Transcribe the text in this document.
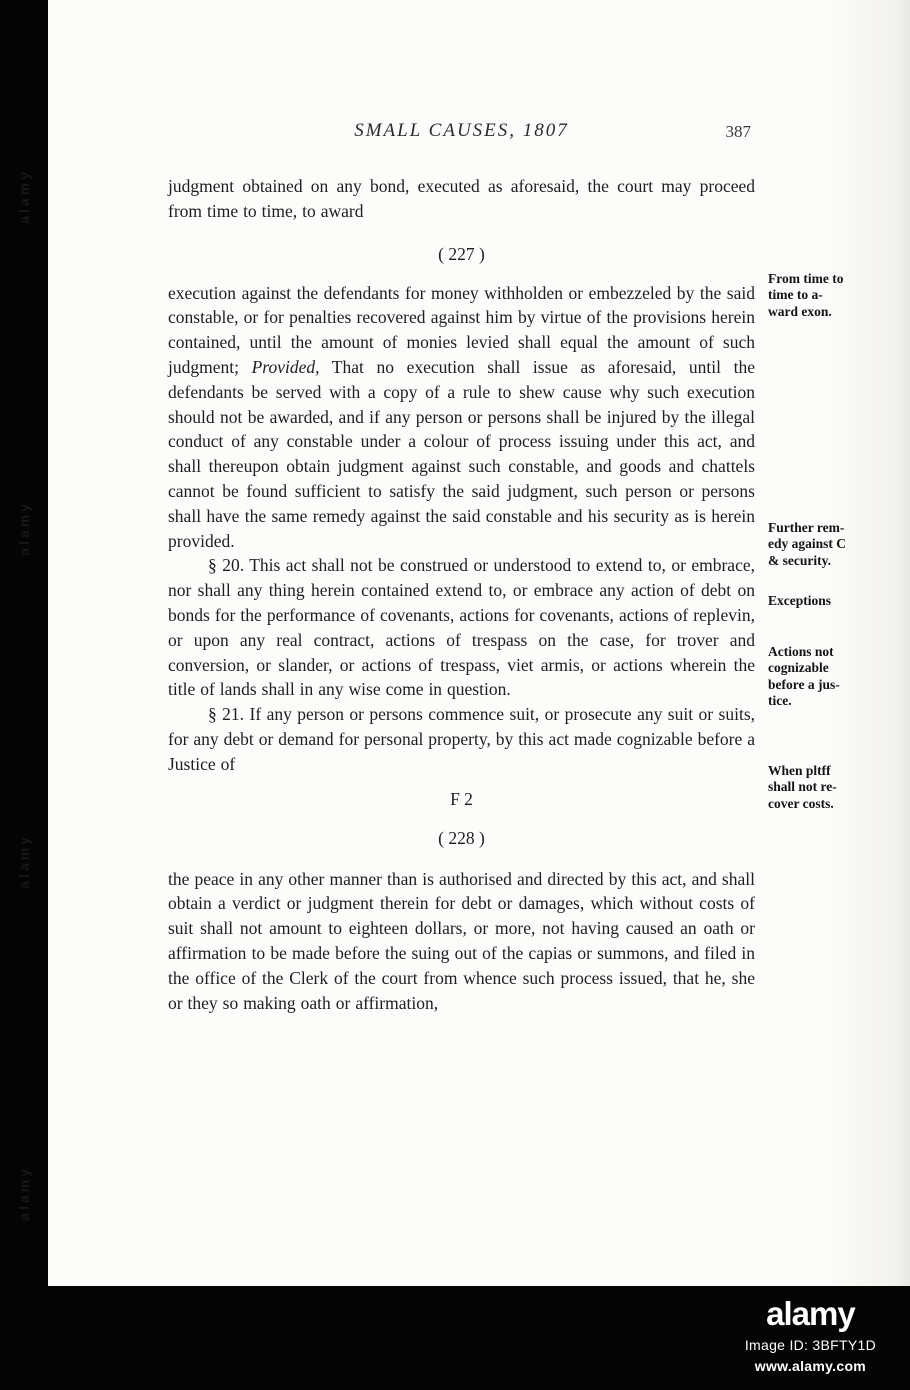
alamy
alamy
alamy
alamy
SMALL CAUSES, 1807	387

judgment obtained on any bond, executed as aforesaid, the court may proceed from time to time, to award

( 227 )

execution against the defendants for money withholden or embezzeled by the said constable, or for penalties recovered against him by virtue of the provisions herein contained, until the amount of monies levied shall equal the amount of such judgment; Provided, That no execution shall issue as aforesaid, until the defendants be served with a copy of a rule to shew cause why such execution should not be awarded, and if any person or persons shall be injured by the illegal conduct of any constable under a colour of process issuing under this act, and shall thereupon obtain judgment against such constable, and goods and chattels cannot be found sufficient to satisfy the said judgment, such person or persons shall have the same remedy against the said constable and his security as is herein provided.

§ 20. This act shall not be construed or understood to extend to, or embrace, nor shall any thing herein contained extend to, or embrace any action of debt on bonds for the performance of covenants, actions for covenants, actions of replevin, or upon any real contract, actions of trespass on the case, for trover and conversion, or slander, or actions of trespass, viet armis, or actions wherein the title of lands shall in any wise come in question.

§ 21. If any person or persons commence suit, or prosecute any suit or suits, for any debt or demand for personal property, by this act made cognizable before a Justice of

F 2
( 228 )

the peace in any other manner than is authorised and directed by this act, and shall obtain a verdict or judgment therein for debt or damages, which without costs of suit shall not amount to eighteen dollars, or more, not having caused an oath or affirmation to be made before the suing out of the capias or summons, and filed in the office of the Clerk of the court from whence such process issued, that he, she or they so making oath or affirmation,

From time to
time to a-
ward exon.
Further rem-
edy against C
& security.
Exceptions
Actions not
cognizable
before a jus-
tice.
When pltff
shall not re-
cover costs.
alamy
Image ID: 3BFTY1D
www.alamy.com
